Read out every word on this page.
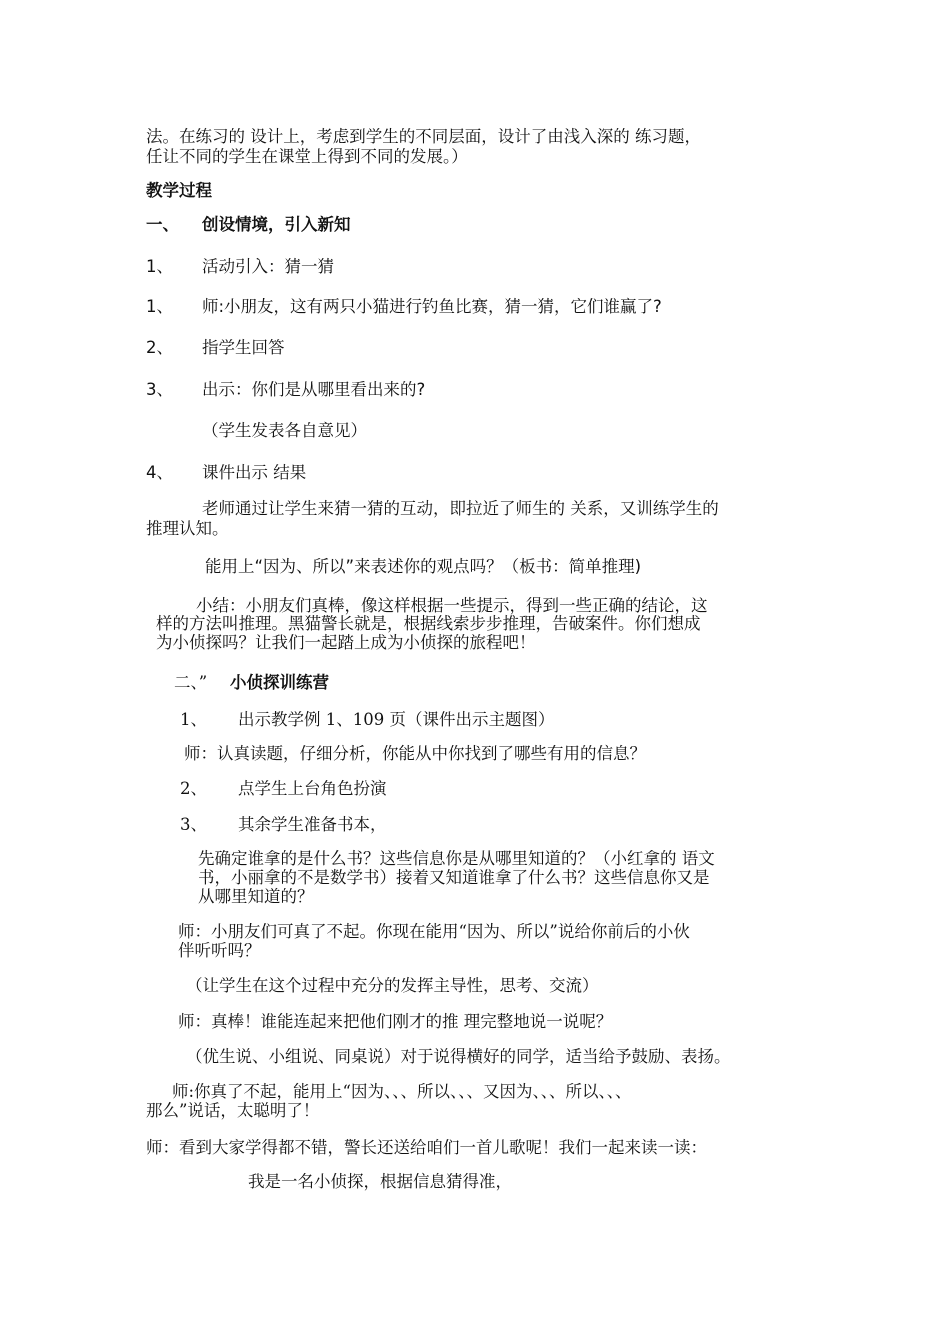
法。在练习的 设计上，考虑到学生的不同层面，设计了由浅入深的 练习题，
任让不同的学生在课堂上得到不同的发展。）
教学过程
一、 创设情境，引入新知
1、 活动引入：猜一猜
1、 师:小朋友，这有两只小猫进行钓鱼比赛，猜一猜，它们谁赢了?
2、 指学生回答
3、 出示：你们是从哪里看出来的?
（学生发表各自意见）
4、 课件出示 结果
老师通过让学生来猜一猜的互动，即拉近了师生的 关系，又训练学生的
推理认知。
能用上“因为、所以”来表述你的观点吗？（板书：简单推理)
小结：小朋友们真棒，像这样根据一些提示，得到一些正确的结论，这
样的方法叫推理。黑猫警长就是，根据线索步步推理，告破案件。你们想成
为小侦探吗？让我们一起踏上成为小侦探的旅程吧！
二、” 小侦探训练营
1、 出示教学例 1、109 页（课件出示主题图）
师：认真读题，仔细分析，你能从中你找到了哪些有用的信息？
2、 点学生上台角色扮演
3、 其余学生准备书本，
先确定谁拿的是什么书？这些信息你是从哪里知道的？（小红拿的 语文
书，小丽拿的不是数学书）接着又知道谁拿了什么书？这些信息你又是
从哪里知道的？
师：小朋友们可真了不起。你现在能用“因为、所以”说给你前后的小伙
伴听听吗？
（让学生在这个过程中充分的发挥主导性，思考、交流）
师：真棒！谁能连起来把他们刚才的推 理完整地说一说呢？
（优生说、小组说、同桌说）对于说得横好的同学，适当给予鼓励、表扬。
师:你真了不起，能用上“因为、、、所以、、、又因为、、、所以、、、
那么”说话，太聪明了！
师：看到大家学得都不错，警长还送给咱们一首儿歌呢！我们一起来读一读：
我是一名小侦探，根据信息猜得准，
